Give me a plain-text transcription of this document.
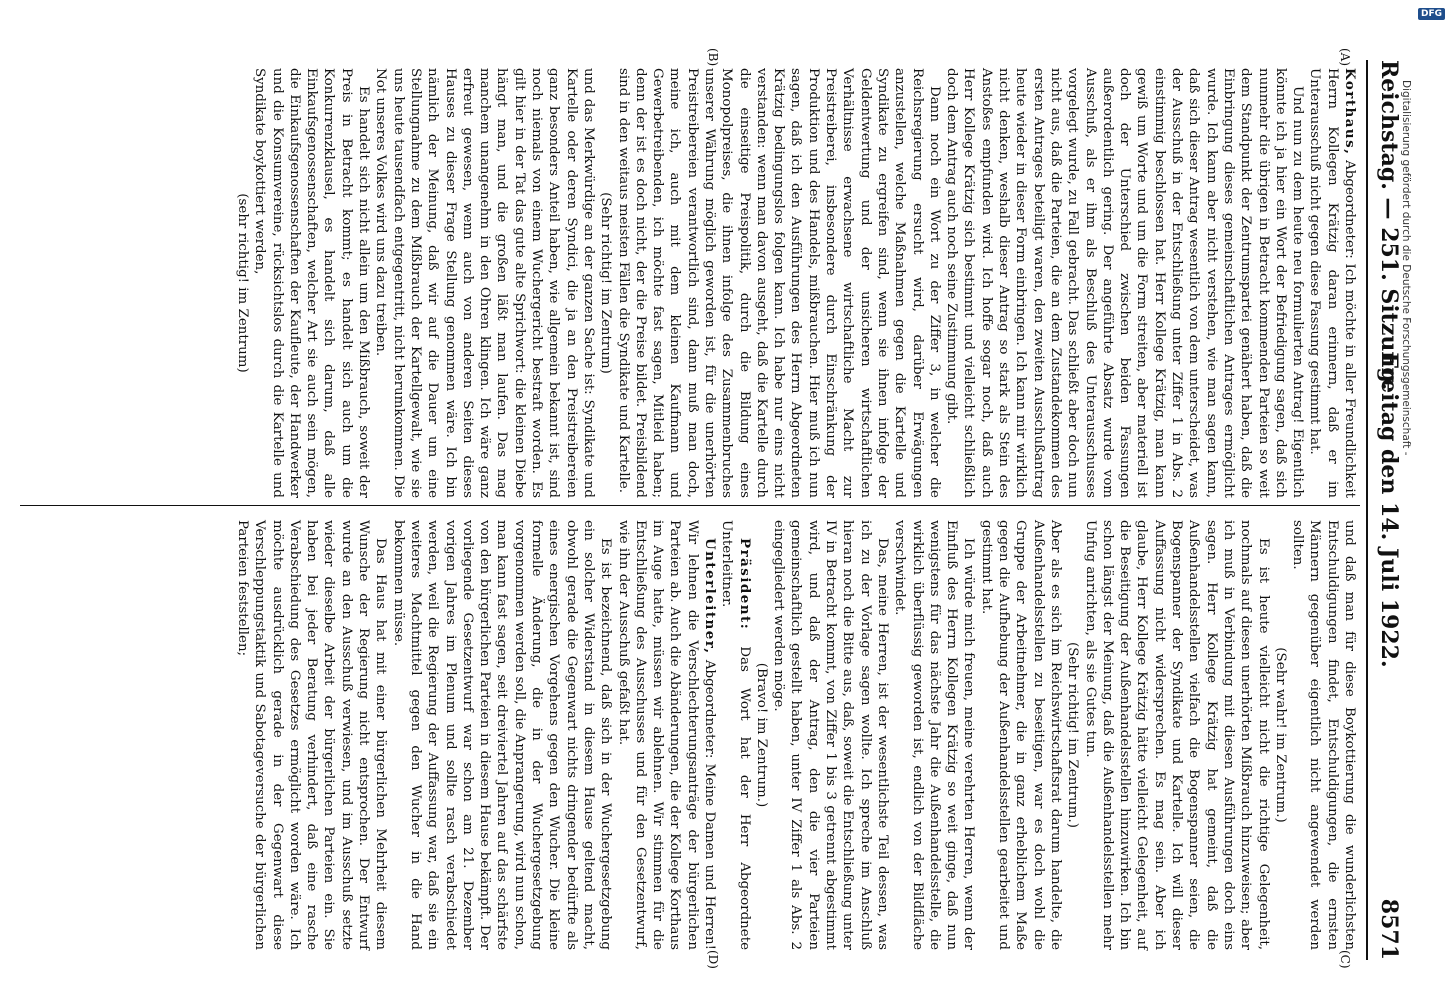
Reichstag. — 251. Sitzung.
Freitag den 14. Juli 1922.
8571
(A)
(B)
(C)
(D)

Korthaus, Abgeordneter: Ich möchte in aller Freundlichkeit Herrn Kollegen Krätzig daran erinnern, daß er im Unterausschuß nicht gegen diese Fassung gestimmt hat.

Und nun zu dem heute neu formulierten Antrag! Eigentlich könnte ich ja hier ein Wort der Befriedigung sagen, daß sich nunmehr die übrigen in Betracht kommenden Parteien so weit dem Standpunkt der Zentrumspartei genähert haben, daß die Einbringung dieses gemeinschaftlichen Antrages ermöglicht wurde. Ich kann aber nicht verstehen, wie man sagen kann, daß sich dieser Antrag wesentlich von dem unterscheidet, was der Ausschuß in der Entschließung unter Ziffer 1 in Abs. 2 einstimmig beschlossen hat. Herr Kollege Krätzig, man kann gewiß um Worte und um die Form streiten, aber materiell ist doch der Unterschied zwischen beiden Fassungen außerordentlich gering. Der angeführte Absatz wurde vom Ausschuß, als er ihm als Beschluß des Unterausschusses vorgelegt wurde, zu Fall gebracht. Das schließt aber doch nun nicht aus, daß die Parteien, die an dem Zustandekommen des ersten Antrages beteiligt waren, den zweiten Ausschußantrag heute wieder in dieser Form einbringen. Ich kann mir wirklich nicht denken, weshalb dieser Antrag so stark als Stein des Anstoßes empfunden wird. Ich hoffe sogar noch, daß auch Herr Kollege Krätzig sich bestimmt und vielleicht schließlich doch dem Antrag auch noch seine Zustimmung gibt.

Dann noch ein Wort zu der Ziffer 3, in welcher die Reichsregierung ersucht wird, darüber Erwägungen anzustellen, welche Maßnahmen gegen die Kartelle und Syndikate zu ergreifen sind, wenn sie ihnen infolge der Geldentwertung und der unsicheren wirtschaftlichen Verhältnisse erwachsene wirtschaftliche Macht zur Preistreiberei, insbesondere durch Einschränkung der Produktion und des Handels, mißbrauchen. Hier muß ich nun sagen, daß ich den Ausführungen des Herrn Abgeordneten Krätzig bedingungslos folgen kann. Ich habe nur eins nicht verstanden: wenn man davon ausgeht, daß die Kartelle durch die einseitige Preispolitik, durch die Bildung eines Monopolpreises, die ihnen infolge des Zusammenbruches unserer Währung möglich geworden ist, für die unerhörten Preistreibereien verantwortlich sind, dann muß man doch, meine ich, auch mit dem kleinen Kaufmann und Gewerbetreibenden, ich möchte fast sagen, Mitleid haben; denn der ist es doch nicht, der die Preise bildet. Preisbildend sind in den weitaus meisten Fällen die Syndikate und Kartelle.

(Sehr richtig! im Zentrum)

und das Merkwürdige an der ganzen Sache ist: Syndikate und Kartelle oder deren Syndici, die ja an den Preistreibereien ganz besonders Anteil haben, wie allgemein bekannt ist, sind noch niemals von einem Wuchergericht bestraft worden. Es gilt hier in der Tat das gute alte Sprichwort: die kleinen Diebe hängt man, und die großen läßt man laufen. Das mag manchem unangenehm in den Ohren klingen. Ich wäre ganz erfreut gewesen, wenn auch von anderen Seiten dieses Hauses zu dieser Frage Stellung genommen wäre. Ich bin nämlich der Meinung, daß wir auf die Dauer um eine Stellungnahme zu dem Mißbrauch der Kartellgewalt, wie sie uns heute tausendfach entgegentritt, nicht herumkommen. Die Not unseres Volkes wird uns dazu treiben.

Es handelt sich nicht allein um den Mißbrauch, soweit der Preis in Betracht kommt; es handelt sich auch um die Konkurrenzklausel, es handelt sich darum, daß alle Einkaufsgenossenschaften, welcher Art sie auch sein mögen, die Einkaufsgenossenschaften der Kaufleute, der Handwerker und die Konsumvereine, rücksichtslos durch die Kartelle und Syndikate boykottiert werden,

(sehr richtig! im Zentrum)

und daß man für diese Boykottierung die wunderlichsten Entschuldigungen findet, Entschuldigungen, die ernsten Männern gegenüber eigentlich nicht angewendet werden sollten.

(Sehr wahr! im Zentrum.)

Es ist heute vielleicht nicht die richtige Gelegenheit, nochmals auf diesen unerhörten Mißbrauch hinzuweisen; aber ich muß in Verbindung mit diesen Ausführungen doch eins sagen. Herr Kollege Krätzig hat gemeint, daß die Außenhandelsstellen vielfach die Bogenspanner seien, die Bogenspanner der Syndikate und Kartelle. Ich will dieser Auffassung nicht widersprechen. Es mag sein. Aber ich glaube, Herr Kollege Krätzig hätte vielleicht Gelegenheit, auf die Beseitigung der Außenhandelsstellen hinzuwirken. Ich bin schon längst der Meinung, daß die Außenhandelsstellen mehr Unfug anrichten, als sie Gutes tun.

(Sehr richtig! im Zentrum.)

Aber als es sich im Reichswirtschaftsrat darum handelte, die Außenhandelsstellen zu beseitigen, war es doch wohl die Gruppe der Arbeitnehmer, die in ganz erheblichem Maße gegen die Aufhebung der Außenhandelsstellen gearbeitet und gestimmt hat.

Ich würde mich freuen, meine verehrten Herren, wenn der Einfluß des Herrn Kollegen Krätzig so weit ginge, daß nun wenigstens für das nächste Jahr die Außenhandelsstelle, die wirklich überflüssig geworden ist, endlich von der Bildfläche verschwindet.

Das, meine Herren, ist der wesentlichste Teil dessen, was ich zu der Vorlage sagen wollte. Ich spreche im Anschluß hieran noch die Bitte aus, daß, soweit die Entschließung unter IV in Betracht kommt, von Ziffer 1 bis 3 getrennt abgestimmt wird, und daß der Antrag, den die vier Parteien gemeinschaftlich gestellt haben, unter IV Ziffer 1 als Abs. 2 eingegliedert werden möge.

(Bravo! im Zentrum.)

Präsident: Das Wort hat der Herr Abgeordnete Unterleitner.

Unterleitner, Abgeordneter: Meine Damen und Herren! Wir lehnen die Verschlechterungsanträge der bürgerlichen Parteien ab. Auch die Abänderungen, die der Kollege Korthaus im Auge hatte, müssen wir ablehnen. Wir stimmen für die Entschließung des Ausschusses und für den Gesetzentwurf, wie ihn der Ausschuß gefaßt hat.

Es ist bezeichnend, daß sich in der Wuchergesetzgebung ein solcher Widerstand in diesem Hause geltend macht, obwohl gerade die Gegenwart nichts dringender bedürfte als eines energischen Vorgehens gegen den Wucher. Die kleine formelle Änderung, die in der Wuchergesetzgebung vorgenommen werden soll, die Anprangerung, wird nun schon, man kann fast sagen, seit dreiviertel Jahren auf das schärfste von den bürgerlichen Parteien in diesem Hause bekämpft. Der vorliegende Gesetzentwurf war schon am 21. Dezember vorigen Jahres im Plenum und sollte rasch verabschiedet werden, weil die Regierung der Auffassung war, daß sie ein weiteres Machtmittel gegen den Wucher in die Hand bekommen müsse.

Das Haus hat mit einer bürgerlichen Mehrheit diesem Wunsche der Regierung nicht entsprochen. Der Entwurf wurde an den Ausschuß verwiesen, und im Ausschuß setzte wieder dieselbe Arbeit der bürgerlichen Parteien ein. Sie haben bei jeder Beratung verhindert, daß eine rasche Verabschiedung des Gesetzes ermöglicht worden wäre. Ich möchte ausdrücklich gerade in der Gegenwart diese Verschleppungstaktik und Sabotageversuche der bürgerlichen Parteien feststellen;

Digitalisierung gefördert durch die Deutsche Forschungsgemeinschaft -
DFG
